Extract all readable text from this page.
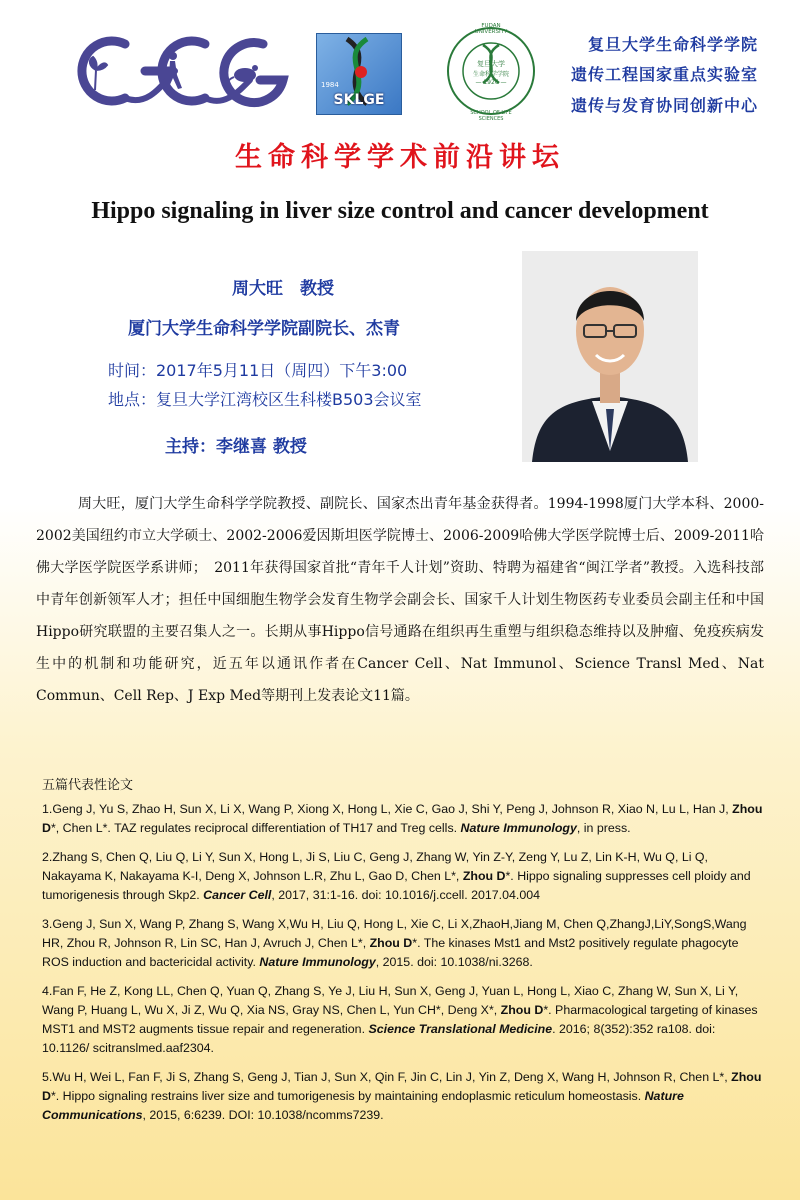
1984
SKLGE
FUDAN UNIVERSITY
SCHOOL OF LIFE SCIENCES
复旦大学
生命科学学院
— 1926 —
复旦大学生命科学学院
遗传工程国家重点实验室
遗传与发育协同创新中心
生命科学学术前沿讲坛
Hippo signaling in liver size control and cancer development
周大旺　教授
厦门大学生命科学学院副院长、杰青
时间：2017年5月11日（周四）下午3:00
地点：复旦大学江湾校区生科楼B503会议室
主持：李继喜 教授
周大旺，厦门大学生命科学学院教授、副院长、国家杰出青年基金获得者。1994-1998厦门大学本科、2000-2002美国纽约市立大学硕士、2002-2006爱因斯坦医学院博士、2006-2009哈佛大学医学院博士后、2009-2011哈佛大学医学院医学系讲师；　2011年获得国家首批“青年千人计划”资助、特聘为福建省“闽江学者”教授。入选科技部中青年创新领军人才；担任中国细胞生物学会发育生物学会副会长、国家千人计划生物医药专业委员会副主任和中国Hippo研究联盟的主要召集人之一。长期从事Hippo信号通路在组织再生重塑与组织稳态维持以及肿瘤、免疫疾病发生中的机制和功能研究，近五年以通讯作者在Cancer Cell、Nat Immunol、Science Transl Med、Nat Commun、Cell Rep、J Exp Med等期刊上发表论文11篇。
五篇代表性论文
1.Geng J, Yu S, Zhao H, Sun X, Li X, Wang P, Xiong X, Hong L, Xie C, Gao J, Shi Y, Peng J, Johnson R, Xiao N, Lu L, Han J, Zhou D*, Chen L*. TAZ regulates reciprocal differentiation of TH17 and Treg cells. Nature Immunology, in press.
2.Zhang S, Chen Q, Liu Q, Li Y, Sun X, Hong L, Ji S, Liu C, Geng J, Zhang W, Yin Z-Y, Zeng Y, Lu Z, Lin K-H, Wu Q, Li Q, Nakayama K, Nakayama K-I, Deng X, Johnson L.R, Zhu L, Gao D, Chen L*, Zhou D*. Hippo signaling suppresses cell ploidy and tumorigenesis through Skp2. Cancer Cell, 2017, 31:1-16. doi: 10.1016/j.ccell. 2017.04.004
3.Geng J, Sun X, Wang P, Zhang S, Wang X,Wu H, Liu Q, Hong L, Xie C, Li X,ZhaoH,Jiang M, Chen Q,ZhangJ,LiY,SongS,Wang HR, Zhou R, Johnson R, Lin SC, Han J, Avruch J, Chen L*, Zhou D*. The kinases Mst1 and Mst2 positively regulate phagocyte ROS induction and bactericidal activity. Nature Immunology, 2015. doi: 10.1038/ni.3268.
4.Fan F, He Z, Kong LL, Chen Q, Yuan Q, Zhang S, Ye J, Liu H, Sun X, Geng J, Yuan L, Hong L, Xiao C, Zhang W, Sun X, Li Y, Wang P, Huang L, Wu X, Ji Z, Wu Q, Xia NS, Gray NS, Chen L, Yun CH*, Deng X*, Zhou D*. Pharmacological targeting of kinases MST1 and MST2 augments tissue repair and regeneration. Science Translational Medicine. 2016; 8(352):352 ra108. doi: 10.1126/ scitranslmed.aaf2304.
5.Wu H, Wei L, Fan F, Ji S, Zhang S, Geng J, Tian J, Sun X, Qin F, Jin C, Lin J, Yin Z, Deng X, Wang H, Johnson R, Chen L*, Zhou D*. Hippo signaling restrains liver size and tumorigenesis by maintaining endoplasmic reticulum homeostasis. Nature Communications, 2015, 6:6239. DOI: 10.1038/ncomms7239.
